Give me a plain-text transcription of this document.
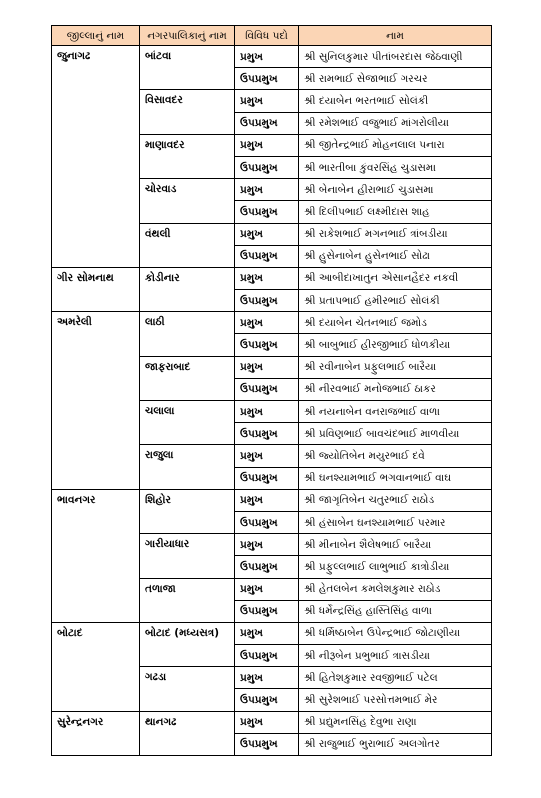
જીલ્લાનું નામ	નગરપાલિકાનું નામ	વિવિધ પદો	નામ
જુનાગઢ	બાંટવા	પ્રમુખ	શ્રી સુનિલકુમાર પીતાંબરદાસ જેઠવાણી
		ઉપપ્રમુખ	શ્રી રામભાઈ સેજાભાઈ ગરચર
	વિસાવદર	પ્રમુખ	શ્રી દયાબેન ભરતભાઈ સોલંકી
		ઉપપ્રમુખ	શ્રી રમેશભાઈ વજુભાઈ માંગરોલીયા
	માણાવદર	પ્રમુખ	શ્રી જીતેન્દ્રભાઈ મોહનલાલ પનારા
		ઉપપ્રમુખ	શ્રી ભારતીબા કુંવરસિંહ ચુડાસમા
	ચોરવાડ	પ્રમુખ	શ્રી બેનાબેન હીરાભાઈ ચુડાસમા
		ઉપપ્રમુખ	શ્રી દિલીપભાઈ લક્ષ્મીદાસ શાહ
	વંથલી	પ્રમુખ	શ્રી રાકેશભાઈ મગનભાઈ ત્રાંબડીયા
		ઉપપ્રમુખ	શ્રી હુસેનાબેન હુસેનભાઈ સોઢા
ગીર સોમનાથ	કોડીનાર	પ્રમુખ	શ્રી આબીદાખાતુન એસાનહૈદર નકવી
		ઉપપ્રમુખ	શ્રી પ્રતાપભાઈ હમીરભાઈ સોલંકી
અમરેલી	લાઠી	પ્રમુખ	શ્રી દયાબેન ચેતનભાઈ જમોડ
		ઉપપ્રમુખ	શ્રી બાબુભાઈ હીરજીભાઈ ધોળકીયા
	જાફરાબાદ	પ્રમુખ	શ્રી રવીનાબેન પ્રફુલભાઈ બારૈયા
		ઉપપ્રમુખ	શ્રી નીરવભાઈ મનોજભાઈ ઠાકર
	ચલાલા	પ્રમુખ	શ્રી નયનાબેન વનરાજભાઈ વાળા
		ઉપપ્રમુખ	શ્રી પ્રવિણભાઈ બાવચંદભાઈ માળવીયા
	રાજુલા	પ્રમુખ	શ્રી જ્યોતિબેન મયુરભાઈ દવે
		ઉપપ્રમુખ	શ્રી ઘનશ્યામભાઈ ભગવાનભાઈ વાઘ
ભાવનગર	શિહોર	પ્રમુખ	શ્રી જાગૃતિબેન ચતુરભાઈ રાઠોડ
		ઉપપ્રમુખ	શ્રી હંસાબેન ઘનશ્યામભાઈ પરમાર
	ગારીયાધાર	પ્રમુખ	શ્રી મીનાબેન શૈલેષભાઈ બારૈયા
		ઉપપ્રમુખ	શ્રી પ્રફુલ્લભાઈ લાભુભાઈ કાત્રોડીયા
	તળાજા	પ્રમુખ	શ્રી હેતલબેન કમલેશકુમાર રાઠોડ
		ઉપપ્રમુખ	શ્રી ધર્મેન્દ્રસિંહ હાસ્તિસિંહ વાળા
બોટાદ	બોટાદ (મધ્યસત્ર)	પ્રમુખ	શ્રી ધર્મિષ્ઠાબેન ઉપેન્દ્રભાઈ જોટાણીયા
		ઉપપ્રમુખ	શ્રી નીરૂબેન પ્રભુભાઈ ત્રાસડીયા
	ગઢડા	પ્રમુખ	શ્રી હિતેશકુમાર રવજીભાઈ પટેલ
		ઉપપ્રમુખ	શ્રી સુરેશભાઈ પરસોત્તમભાઈ મેર
સુરેન્દ્રનગર	થાનગઢ	પ્રમુખ	શ્રી પ્રદ્યુમનસિંહ દેવુભા રાણા
		ઉપપ્રમુખ	શ્રી રાજુભાઈ ભુરાભાઈ અલગોતર
